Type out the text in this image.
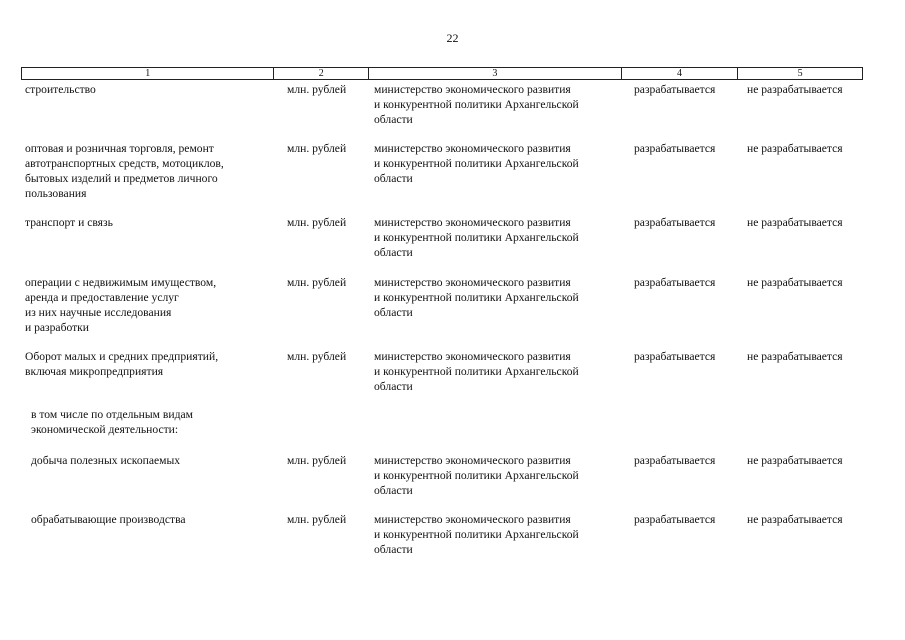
22
1	2	3	4	5
строительство	млн. рублей	министерство экономического развития
и конкурентной политики Архангельской
области
разрабатывается	не разрабатывается
оптовая и розничная торговля, ремонт
автотранспортных средств, мотоциклов,
бытовых изделий и предметов личного
пользования
млн. рублей	министерство экономического развития
и конкурентной политики Архангельской
области
разрабатывается	не разрабатывается
транспорт и связь	млн. рублей	министерство экономического развития
и конкурентной политики Архангельской
области
разрабатывается	не разрабатывается
операции с недвижимым имуществом,
аренда и предоставление услуг
из них научные исследования
и разработки
млн. рублей	министерство экономического развития
и конкурентной политики Архангельской
области
разрабатывается	не разрабатывается
Оборот малых и средних предприятий,
включая микропредприятия
млн. рублей	министерство экономического развития
и конкурентной политики Архангельской
области
разрабатывается	не разрабатывается
в том числе по отдельным видам
экономической деятельности:
добыча полезных ископаемых	млн. рублей	министерство экономического развития
и конкурентной политики Архангельской
области
разрабатывается	не разрабатывается
обрабатывающие производства	млн. рублей	министерство экономического развития
и конкурентной политики Архангельской
области
разрабатывается	не разрабатывается
